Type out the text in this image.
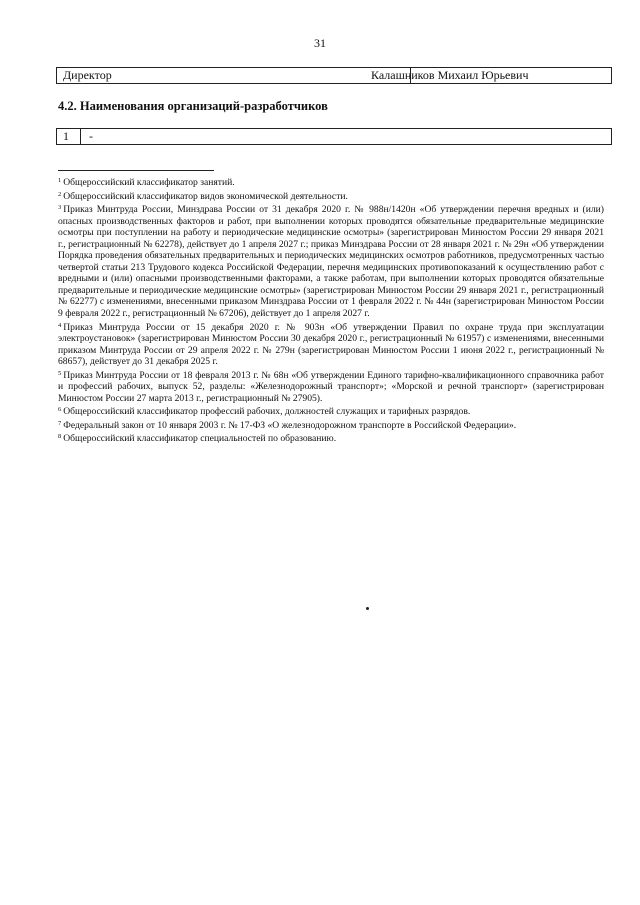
31
Директор	Калашников Михаил Юрьевич
4.2. Наименования организаций-разработчиков
1 -

$^1$ Общероссийский классификатор занятий.

$^2$ Общероссийский классификатор видов экономической деятельности.

$^3$ Приказ Минтруда России, Минздрава России от 31 декабря 2020 г. № 988н/1420н «Об утверждении перечня вредных и (или) опасных производственных факторов и работ, при выполнении которых проводятся обязательные предварительные медицинские осмотры при поступлении на работу и периодические медицинские осмотры» (зарегистрирован Минюстом России 29 января 2021 г., регистрационный № 62278), действует до 1 апреля 2027 г.; приказ Минздрава России от 28 января 2021 г. № 29н «Об утверждении Порядка проведения обязательных предварительных и периодических медицинских осмотров работников, предусмотренных частью четвертой статьи 213 Трудового кодекса Российской Федерации, перечня медицинских противопоказаний к осуществлению работ с вредными и (или) опасными производственными факторами, а также работам, при выполнении которых проводятся обязательные предварительные и периодические медицинские осмотры» (зарегистрирован Минюстом России 29 января 2021 г., регистрационный № 62277) с изменениями, внесенными приказом Минздрава России от 1 февраля 2022 г. № 44н (зарегистрирован Минюстом России 9 февраля 2022 г., регистрационный № 67206), действует до 1 апреля 2027 г.

$^4$ Приказ Минтруда России от 15 декабря 2020 г. № 903н «Об утверждении Правил по охране труда при эксплуатации электроустановок» (зарегистрирован Минюстом России 30 декабря 2020 г., регистрационный № 61957) с изменениями, внесенными приказом Минтруда России от 29 апреля 2022 г. № 279н (зарегистрирован Минюстом России 1 июня 2022 г., регистрационный № 68657), действует до 31 декабря 2025 г.

$^5$ Приказ Минтруда России от 18 февраля 2013 г. № 68н «Об утверждении Единого тарифно-квалификационного справочника работ и профессий рабочих, выпуск 52, разделы: «Железнодорожный транспорт»; «Морской и речной транспорт» (зарегистрирован Минюстом России 27 марта 2013 г., регистрационный № 27905).

$^6$ Общероссийский классификатор профессий рабочих, должностей служащих и тарифных разрядов.

$^7$ Федеральный закон от 10 января 2003 г. № 17-ФЗ «О железнодорожном транспорте в Российской Федерации».

$^8$ Общероссийский классификатор специальностей по образованию.
